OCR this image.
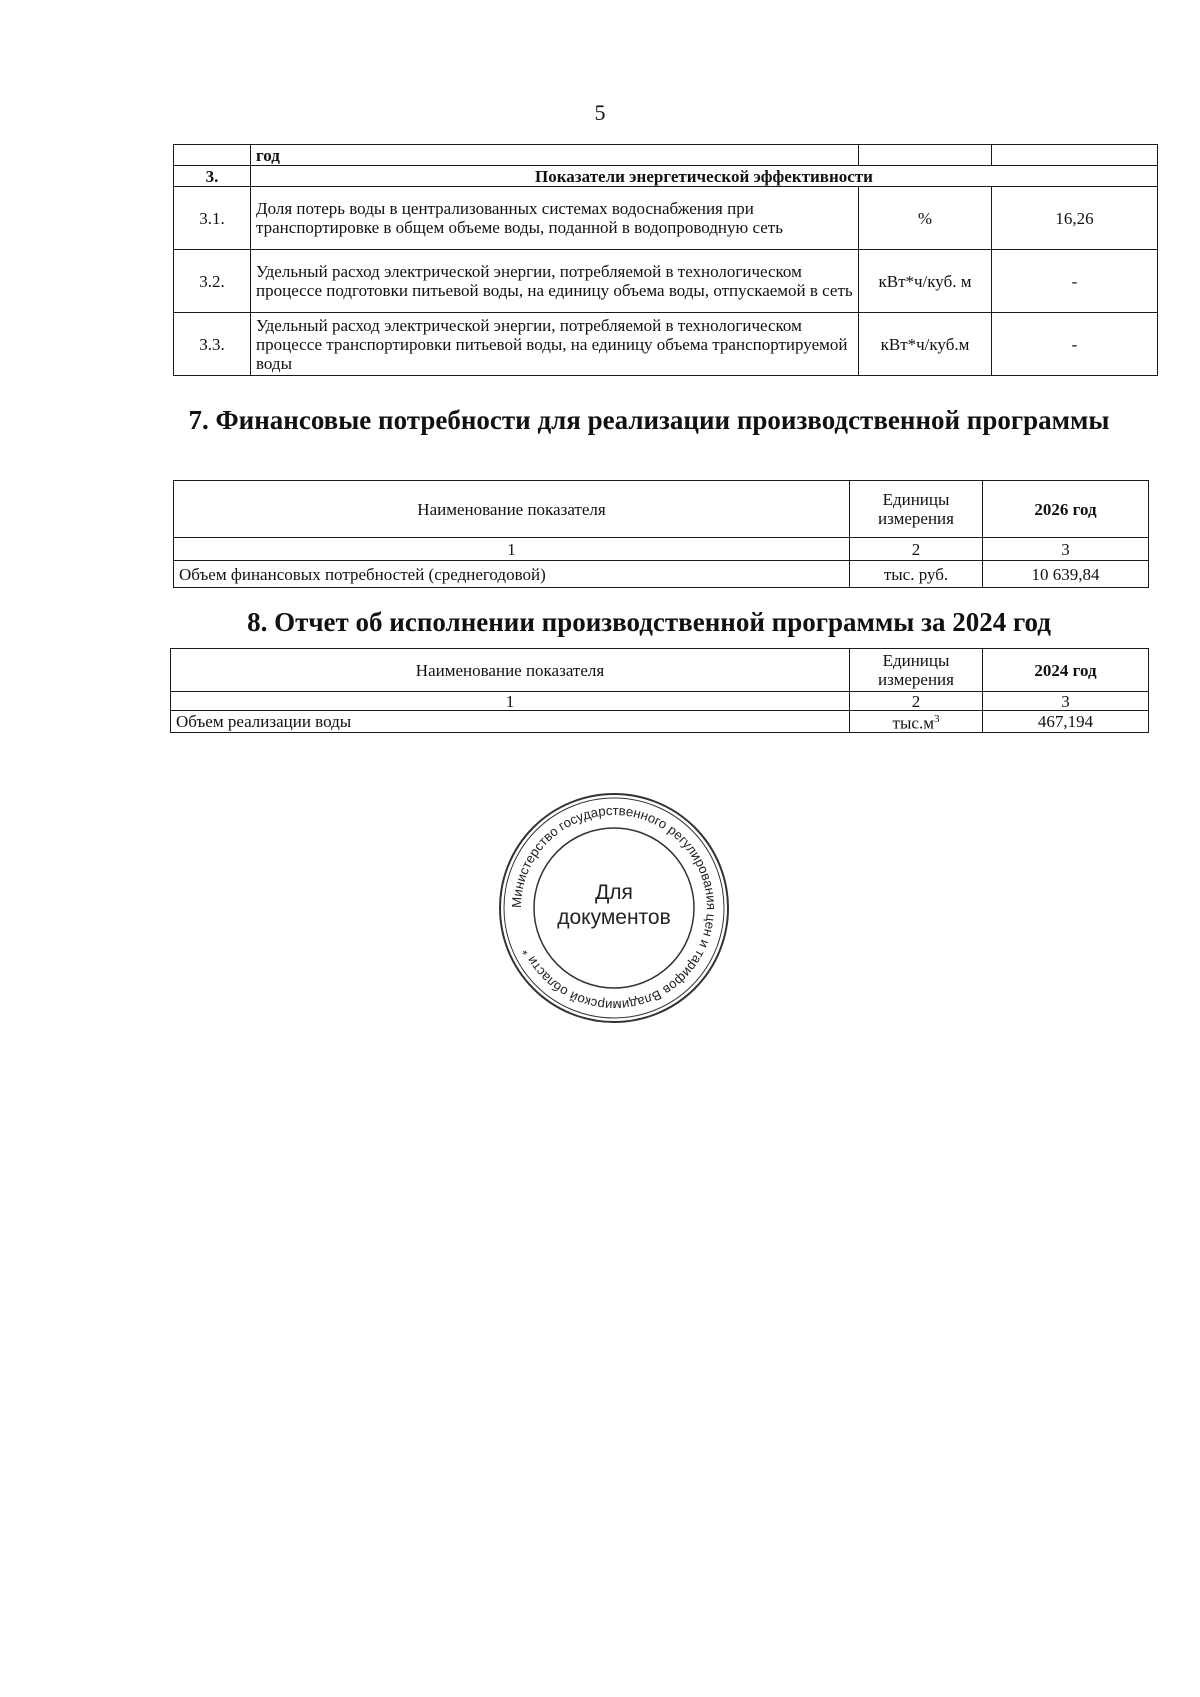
5
	год		
3.	Показатели энергетической эффективности		
3.1.	Доля потерь воды в централизованных системах водоснабжения при транспортировке в общем объеме воды, поданной в водопроводную сеть	%	16,26
3.2.	Удельный расход электрической энергии, потребляемой в технологическом процессе подготовки питьевой воды, на единицу объема воды, отпускаемой в сеть	кВт*ч/куб. м	-
3.3.	Удельный расход электрической энергии, потребляемой в технологическом процессе транспортировки питьевой воды, на единицу объема транспортируемой воды	кВт*ч/куб.м	-
7. Финансовые потребности для реализации производственной программы
Наименование показателя	Единицы измерения	2026 год
1	2	3
Объем финансовых потребностей (среднегодовой)	тыс. руб.	10 639,84
8. Отчет об исполнении производственной программы за 2024 год
Наименование показателя	Единицы измерения	2024 год
1	2	3
Объем реализации воды	$тыс.м^3$	467,194
Министерство государственного регулирования цен и тарифов Владимирской области *
Для
документов
